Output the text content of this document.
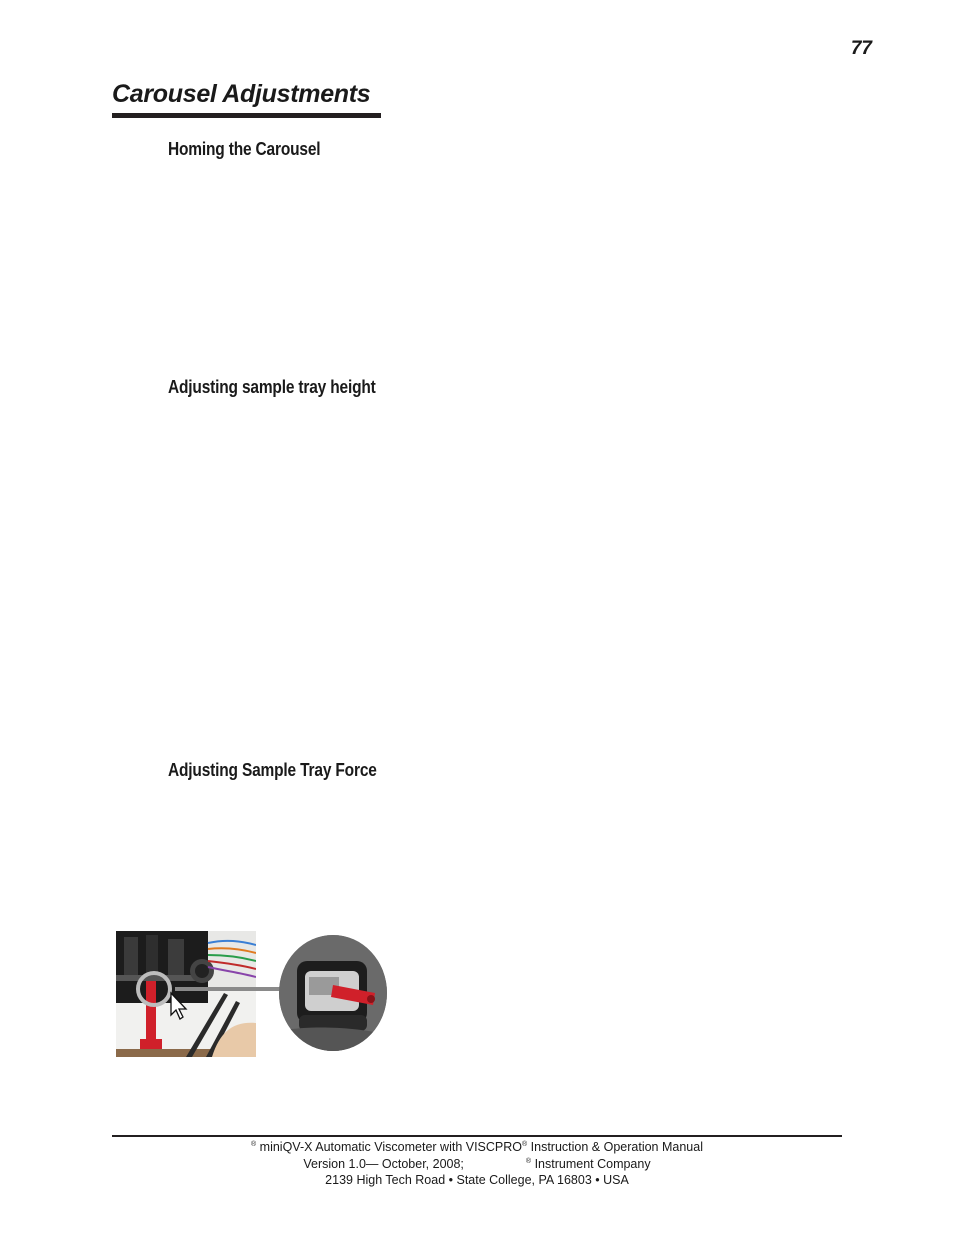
77
Carousel Adjustments
Homing the Carousel
Adjusting sample tray height
Adjusting Sample Tray Force
® miniQV-X Automatic Viscometer with VISCPRO® Instruction & Operation Manual
Version 1.0— October, 2008;	® Instrument Company
2139 High Tech Road • State College, PA 16803 • USA
